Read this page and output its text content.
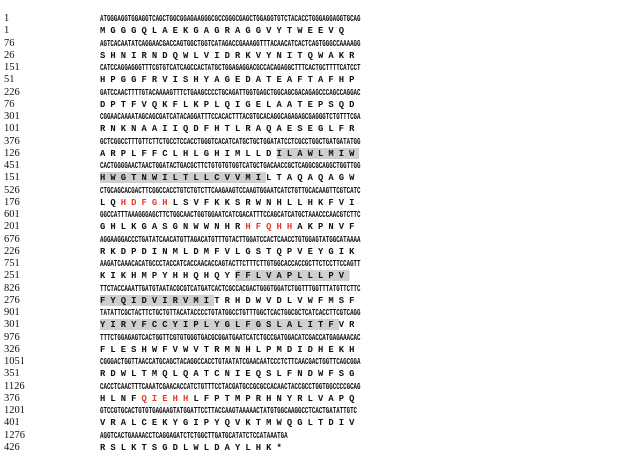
1	ATGGGAGGTGGAGGTCAGCTGGCGGAGAAGGGCGCCGGGCGAGCTGGAGGTGTCTACACCTGGGAGGAGGTGCAG
1	MGGGQLAEKGAGRAGGVYTWEEVQ
76	AGTCACAATATCAGGAACGACCAGTGGCTGGTCATAGACCGAAAGGTTTACAACATCACTCAGTGGGCCAAAAGG
26	SHNIRNDQWLVIDRKVYNITQWAKR
151	CATCCAGGAGGGTTTCGTGTCATCAGCCACTATGCTGGAGAGGACGCCACAGAGGCTTTCACTGCTTTTCATCCT
51	HPGGFRVISHYAGEDATEAFTAFHP
226	GATCCAACTTTTGTACAAAAGTTTCTGAAGCCCCTGCAGATTGGTGAGCTGGCAGCGACAGAGCCCAGCCAGGAC
76	DPTFVQKFLKPLQIGELAATEPSQD
301	CGGAACAAAATAGCAGCGATCATACAGGATTTCCACACTTTACGTGCACAGGCAGAGAGCGAGGGTCTGTTTCGA
101	RNKNAAIIQDFHTLRAQAESEGLFR
376	GCTCGGCCTTTGTTCTTCTGCCTCCACCTGGGTCACATCATGCTGCTGGATATCCTCGCCTGGCTGATGATATGG
126	ARPLFFCLHLGHIMLLDILAWLMIW
451	CACTGGGGAACTAACTGGATACTGACGCTTCTGTGTGTGGTCATGCTGACAACCGCTCAGGCGCAGGCTGGTTGG
151	HWGTNWILTLLCVVMILTAQAQAGW
526	CTGCAGCACGACTTCGGCCACCTGTCTGTCTTCAAGAAGTCCAAGTGGAATCATCTGTTGCACAAGTTCGTCATC
176	LQHDFGHLSVFKKSRWNHLLHKFVI
601	GGCCATTTAAAGGGAGCTTCTGGCAACTGGTGGAATCATCGACATTTCCAGCATCATGCTAAACCCAACGTCTTC
201	GHLKGASGNWWNHRHFQHHAKPNVF
676	AGGAAGGACCCTGATATCAACATGTTAGACATGTTTGTACTTGGATCCACTCAACCTGTGGAGTATGGCATAAAA
226	RKDPDINMLDMFVLGSTQPVEYGIK
751	AAGATCAAACACATGCCCTACCATCACCAACACCAGTACTTCTTTCTTGTGGCACCACCGCTTCTCCTTCCAGTT
251	KIKHMPYHHQHQYFFLVAPLLLPV
826	TTCTACCAAATTGATGTAATACGCGTCATGATCACTCGCCACGACTGGGTGGATCTGGTTTGGTTTATGTTCTTC
276	FYQIDVIRVMITRHDWVDLVWFMSF
901	TATATTCGCTACTTCTGCTGTTACATACCCCTGTATGGCCTGTTTGGCTCACTGGCGCTCATCACCTTCGTCAGG
301	YIRYFCCYIPLYGLFGSLALITFVR
976	TTTCTGGAGAGTCACTGGTTCGTGTGGGTGACGCGGATGAATCATCTGCCGATGGACATCGACCATGAGAAACAC
326	FLESHWFVWVTRMNHLPMDIDHEKH
1051	CGGGACTGGTTAACCATGCAGCTACAGGCCACCTGTAATATCGAACAATCCCTCTTCAACGACTGGTTCAGCGGA
351	RDWLTMQLQATCNIEQSLFNDWFSG
1126	CACCTCAACTTTCAAATCGAACACCATCTGTTTCCTACGATGCCGCGCCACAACTACCGCCTGGTGGCCCCGCAG
376	HLNFQIEHHLFPTMPRHNYRLVAPQ
1201	GTCCGTGCACTGTGTGAGAAGTATGGATTCCTTACCAAGTAAAAACTATGTGGCAAGGCCTCACTGATATTGTC
401	VRALCEKYGIPYQVKTMWQGLTDIV
1276	AGGTCACTGAAAACCTCAGGAGATCTCTGGCTTGATGCATATCTCCATAAATGA
426	RSLKTSGDLWLDAYLHK*
